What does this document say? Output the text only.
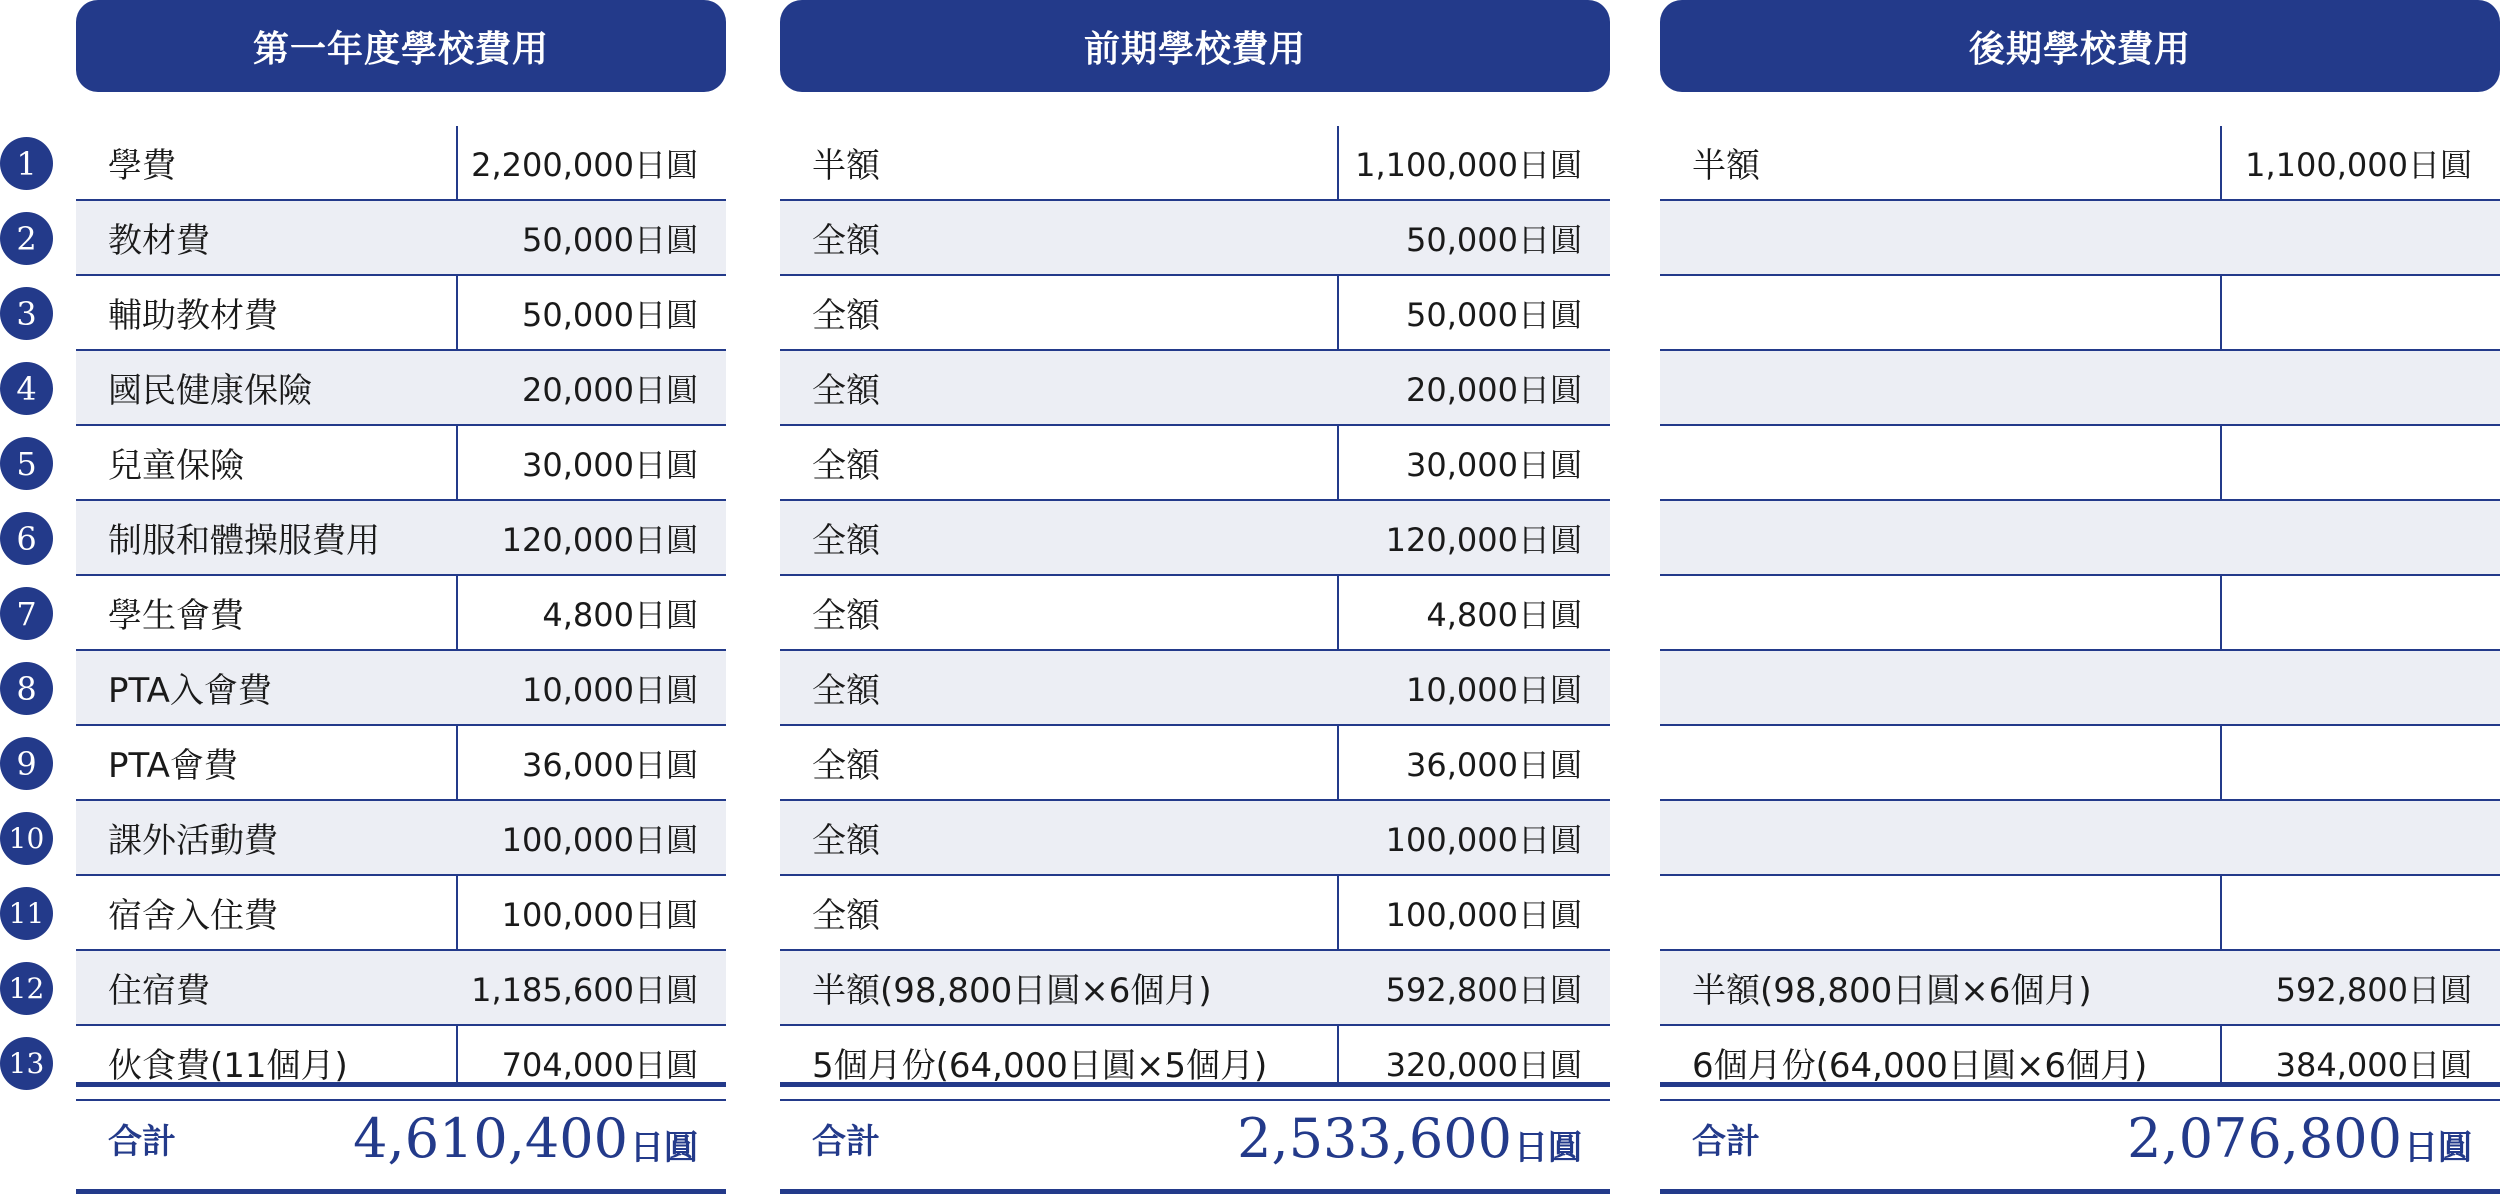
1
2
3
4
5
6
7
8
9
10
11
12
13
第一年度學校費用
學費	2,200,000日圓
教材費	50,000日圓
輔助教材費	50,000日圓
國民健康保險	20,000日圓
兒童保險	30,000日圓
制服和體操服費用	120,000日圓
學生會費	4,800日圓
PTA入會費	10,000日圓
PTA會費	36,000日圓
課外活動費	100,000日圓
宿舍入住費	100,000日圓
住宿費	1,185,600日圓
伙食費(11個月)	704,000日圓
合計	4,610,400 日圓
前期學校費用
半額	1,100,000日圓
全額	50,000日圓
全額	50,000日圓
全額	20,000日圓
全額	30,000日圓
全額	120,000日圓
全額	4,800日圓
全額	10,000日圓
全額	36,000日圓
全額	100,000日圓
全額	100,000日圓
半額(98,800日圓×6個月)	592,800日圓
5個月份(64,000日圓×5個月)	320,000日圓
合計	2,533,600 日圓
後期學校費用
半額	1,100,000日圓
半額(98,800日圓×6個月)	592,800日圓
6個月份(64,000日圓×6個月)	384,000日圓
合計	2,076,800 日圓
